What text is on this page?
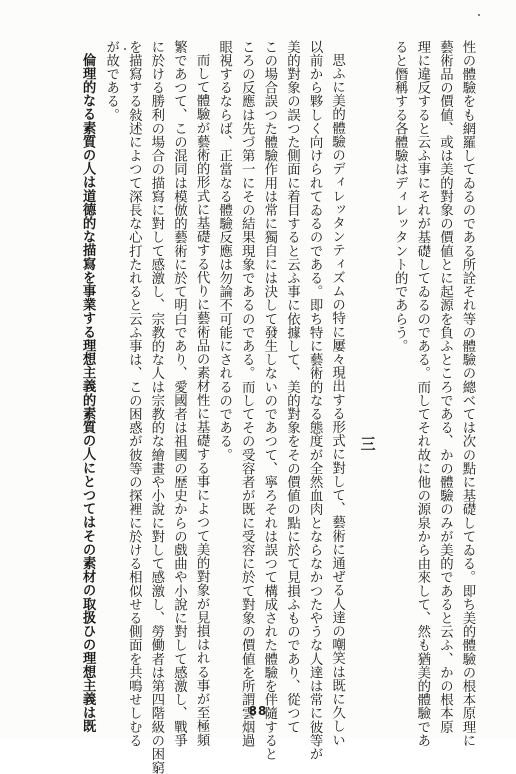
性の體驗をも網羅してゐるのである所詮それ等の體驗の總べては次の點に基礎してゐる。即ち美的體驗の根本原理に
藝術品の價値、或は美的對象の價値とに起源を負ふところである、かの體驗のみが美的であると云ふ、かの根本原
理に違反すると云ふ事にそれが基礎してゐるのである。而してそれ故に他の源泉から由來して、然も猶美的體驗であ
ると僭稱する各體驗はディレッタント的であらう。
三
思ふに美的體驗のディレッタンティズムの特に屢々現出する形式に對して、藝術に通ぜる人達の嘲笑は既に久しい
以前から夥しく向けられてゐるのである。即ち特に藝術的なる態度が全然血肉とならなかつたやうな人達は常に彼等が
美的對象の誤つた側面に着目すると云ふ事に依據して、美的對象をその價値の點に於て見損ふものであり、從つて
この場合誤つた體驗作用は常に獨自には決して發生しないのであつて、寧ろそれは誤つて構成された體驗を伴隨すると
ころの反應は先づ第一にその結果現象であるのである。而してその受容者が既に受容に於て對象の價値を所謂雲烟過
眼視するならば、正當なる體驗反應は勿論不可能にされるのである。
而して體驗が藝術的形式に基礎する代りに藝術品の素材性に基礎する事によつて美的對象が見損はれる事が至極頻
繁であつて、この混同は模倣的藝術に於て明白であり、愛國者は祖國の歴史からの戲曲や小說に對して感激し、戰爭
に於ける勝利の場合の描寫に對して感激し、宗教的な人は宗教的な繪畫や小說に對して感激し、勞働者は第四階級の困窮
を描寫する敍述によつて深長な心打たれると云ふ事は、この困惑が彼等の探裡に於ける相似せる側面を共鳴せしむる
が故である。
倫理的なる素質の人は道德的な描寫を事業する理想主義的素質の人にとつてはその素材の取扱ひの理想主義は既	88
